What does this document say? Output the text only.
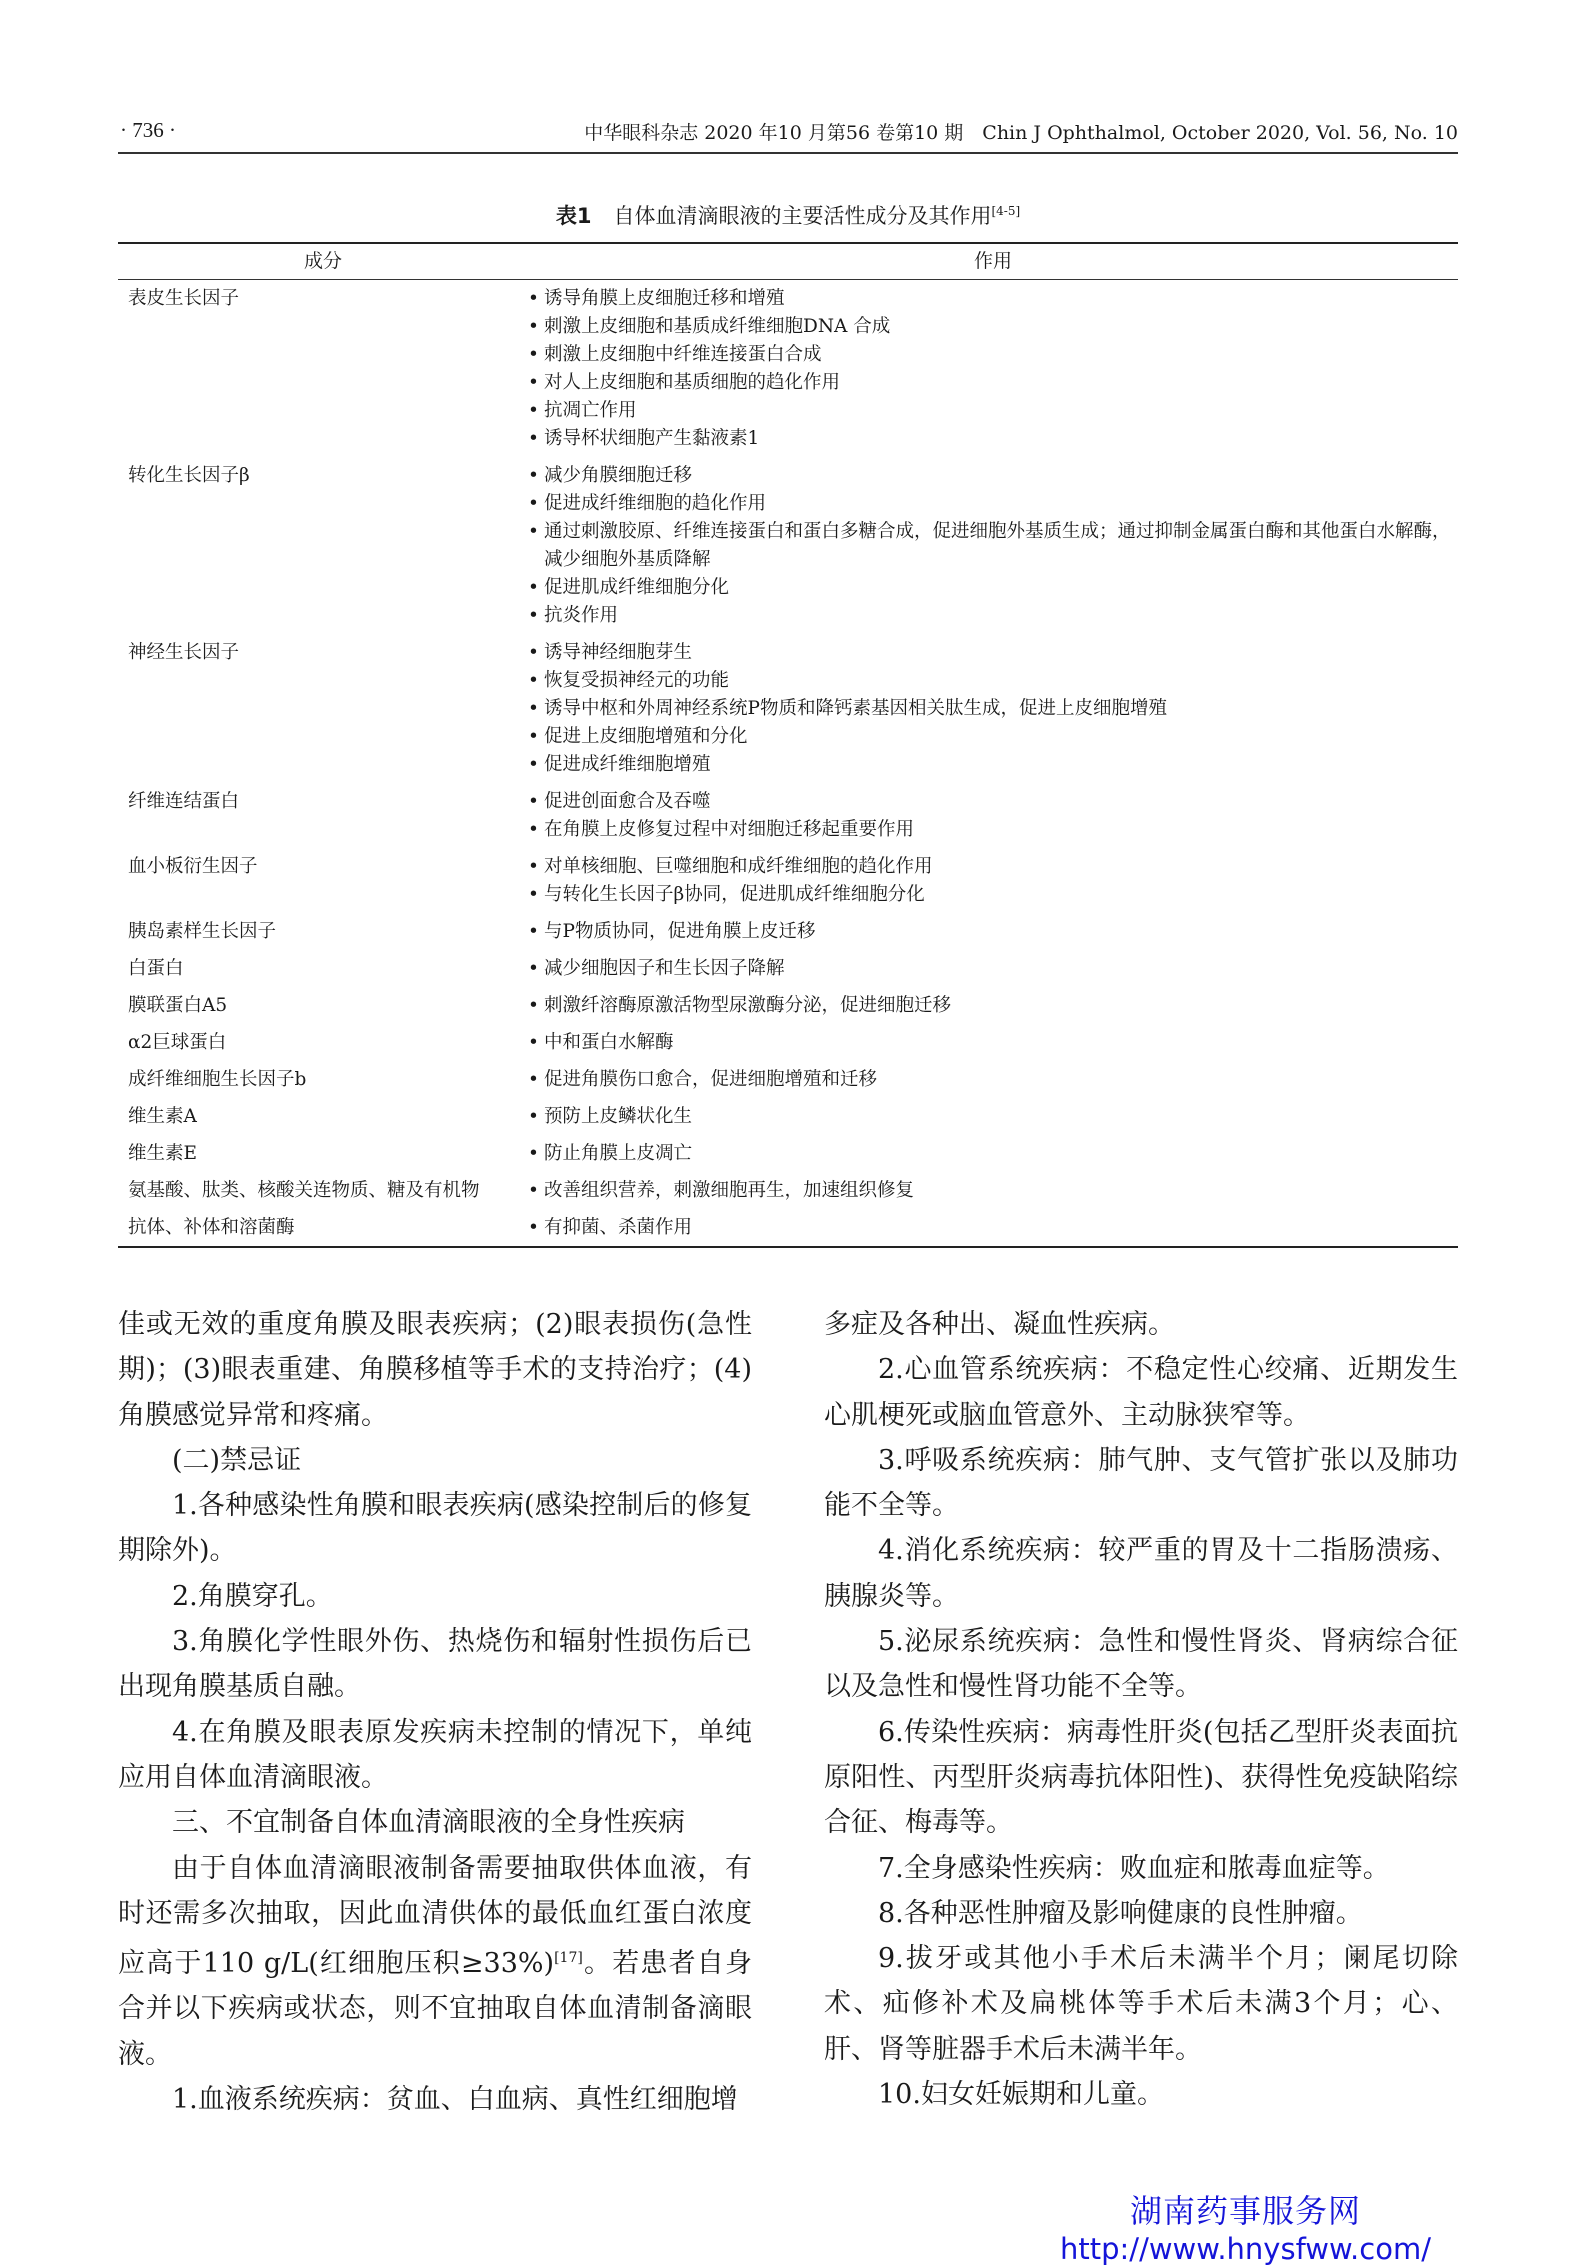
· 736 ·	中华眼科杂志 2020 年10 月第56 卷第10 期　Chin J Ophthalmol, October 2020, Vol. 56, No. 10
表1 自体血清滴眼液的主要活性成分及其作用[4-5]
成分	作用
表皮生长因子	• 诱导角膜上皮细胞迁移和增殖
• 刺激上皮细胞和基质成纤维细胞DNA 合成
• 刺激上皮细胞中纤维连接蛋白合成
• 对人上皮细胞和基质细胞的趋化作用
• 抗凋亡作用
• 诱导杯状细胞产生黏液素1
转化生长因子β	• 减少角膜细胞迁移
• 促进成纤维细胞的趋化作用
• 通过刺激胶原、纤维连接蛋白和蛋白多糖合成，促进细胞外基质生成；通过抑制金属蛋白酶和其他蛋白水解酶，减少细胞外基质降解
• 促进肌成纤维细胞分化
• 抗炎作用
神经生长因子	• 诱导神经细胞芽生
• 恢复受损神经元的功能
• 诱导中枢和外周神经系统P物质和降钙素基因相关肽生成，促进上皮细胞增殖
• 促进上皮细胞增殖和分化
• 促进成纤维细胞增殖
纤维连结蛋白	• 促进创面愈合及吞噬
• 在角膜上皮修复过程中对细胞迁移起重要作用
血小板衍生因子	• 对单核细胞、巨噬细胞和成纤维细胞的趋化作用
• 与转化生长因子β协同，促进肌成纤维细胞分化
胰岛素样生长因子	• 与P物质协同，促进角膜上皮迁移
白蛋白	• 减少细胞因子和生长因子降解
膜联蛋白A5	• 刺激纤溶酶原激活物型尿激酶分泌，促进细胞迁移
α2巨球蛋白	• 中和蛋白水解酶
成纤维细胞生长因子b	• 促进角膜伤口愈合，促进细胞增殖和迁移
维生素A	• 预防上皮鳞状化生
维生素E	• 防止角膜上皮凋亡
氨基酸、肽类、核酸关连物质、糖及有机物	• 改善组织营养，刺激细胞再生，加速组织修复
抗体、补体和溶菌酶	• 有抑菌、杀菌作用

佳或无效的重度角膜及眼表疾病；(2)眼表损伤(急性期)；(3)眼表重建、角膜移植等手术的支持治疗；(4)角膜感觉异常和疼痛。

(二)禁忌证

1.各种感染性角膜和眼表疾病(感染控制后的修复期除外)。

2.角膜穿孔。

3.角膜化学性眼外伤、热烧伤和辐射性损伤后已出现角膜基质自融。

4.在角膜及眼表原发疾病未控制的情况下，单纯应用自体血清滴眼液。

三、不宜制备自体血清滴眼液的全身性疾病

由于自体血清滴眼液制备需要抽取供体血液，有时还需多次抽取，因此血清供体的最低血红蛋白浓度应高于110 g/L(红细胞压积≥33%)[17]。若患者自身合并以下疾病或状态，则不宜抽取自体血清制备滴眼液。

1.血液系统疾病：贫血、白血病、真性红细胞增

多症及各种出、凝血性疾病。

2.心血管系统疾病：不稳定性心绞痛、近期发生心肌梗死或脑血管意外、主动脉狭窄等。

3.呼吸系统疾病：肺气肿、支气管扩张以及肺功能不全等。

4.消化系统疾病：较严重的胃及十二指肠溃疡、胰腺炎等。

5.泌尿系统疾病：急性和慢性肾炎、肾病综合征以及急性和慢性肾功能不全等。

6.传染性疾病：病毒性肝炎(包括乙型肝炎表面抗原阳性、丙型肝炎病毒抗体阳性)、获得性免疫缺陷综合征、梅毒等。

7.全身感染性疾病：败血症和脓毒血症等。

8.各种恶性肿瘤及影响健康的良性肿瘤。

9.拔牙或其他小手术后未满半个月；阑尾切除术、疝修补术及扁桃体等手术后未满3个月；心、肝、肾等脏器手术后未满半年。

10.妇女妊娠期和儿童。

湖南药事服务网
http://www.hnysfww.com/
